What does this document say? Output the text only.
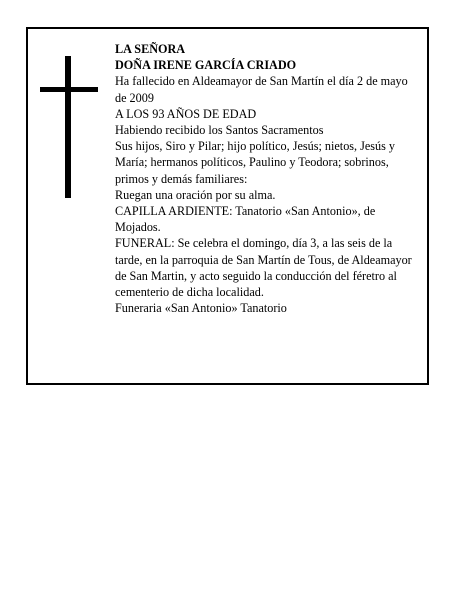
LA SEÑORA
DOÑA IRENE GARCÍA CRIADO
Ha fallecido en Aldeamayor de San Martín el día 2 de mayo de 2009
A LOS 93 AÑOS DE EDAD
Habiendo recibido los Santos Sacramentos
Sus hijos, Siro y Pilar; hijo político, Jesús; nietos, Jesús y María; hermanos políticos, Paulino y Teodora; sobrinos, primos y demás familiares:
Ruegan una oración por su alma.
CAPILLA ARDIENTE: Tanatorio «San Antonio», de Mojados.
FUNERAL: Se celebra el domingo, día 3, a las seis de la tarde, en la parroquia de San Martín de Tous, de Aldeamayor de San Martin, y acto seguido la conducción del féretro al cementerio de dicha localidad.
Funeraria «San Antonio» Tanatorio
